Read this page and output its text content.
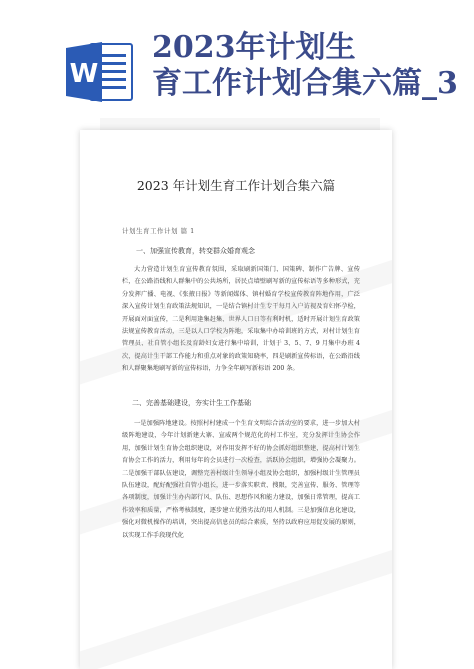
W
2023年计划生
育工作计划合集六篇_3
2023 年计划生育工作计划合集六篇
计划生育工作计划 篇 1
一、加强宣传教育，转变群众婚育观念
大力营造计划生育宣传教育氛围，采取刷新国策门、国策碑、制作广告牌、宣传栏，在公路沿线和人群集中的公共场所，居民点墙壁刷写新的宣传标语等多种形式，充分发挥广播、电视、《张掖日报》等新闻媒体、镇村婚育学校宣传教育阵地作用，广泛深入宣传计划生育政策法规知识，一是结合镇村计生专干每月入户访视及育妇怀孕检，开展面对面宣传，二是利用逢集赶集、世界人口日等有利时机，适时开展计划生育政策法规宣传教育活动，三是以人口学校为阵地，采取集中办培训班的方式，对村计划生育管理员、社自管小组长及育龄妇女进行集中培训，计划于 3、5、7、9 月集中办班 4 次，提高计生干部工作能力和重点对象的政策知晓率，四是刷新宣传标语，在公路沿线和人群聚集地刷写新的宣传标语，力争全年刷写新标语 200 条。
二、完善基础建设，夯实计生工作基础
一是加强阵地建设。按照村村建成一个生育文明综合活动室的要求，进一步加大村级阵地建设，今年计划新建大寨、宣威两个规范化的村工作室，充分发挥计生协会作用，加强计划生育协会组织建设，对作用发挥不好的协会抓好组织整建，提高村计划生育协会工作的活力，利用每年的会员进行一次检查，活跃协会组织，增强协会凝聚力。二是加强干部队伍建设，调整完善村级计生领导小组及协会组织，加强村级计生管理员队伍建设，配好配强社自管小组长，进一步落实职责、搜限，完善宣传、服务、管理等各项制度，加强计生办内部行风、队伍、思想作风和能力建设，加强日常管理，提高工作效率和质量，严格考核制度，逐步建立优胜劣汰的用人机制。三是加强信息化建设，强化对微机操作的培训，突出提高信息员的综合素质，坚持以政府应用促发展的原则，以实现工作手段现代化
